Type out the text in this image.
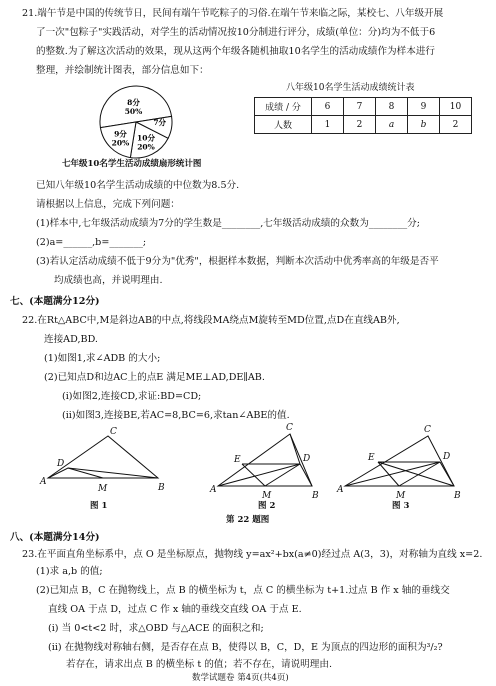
21.端午节是中国的传统节日，民间有端午节吃粽子的习俗.在端午节来临之际，某校七、八年级开展
了一次"包粽子"实践活动，对学生的活动情况按10分制进行评分，成绩(单位：分)均为不低于6
的整数.为了解这次活动的效果，现从这两个年级各随机抽取10名学生的活动成绩作为样本进行
整理，并绘制统计图表，部分信息如下：
8分
50%
7分
10分
20%
9分
20%
七年级10名学生活动成绩扇形统计图
八年级10名学生活动成绩统计表
成绩 / 分	6	7	8	9	10
人数	1	2	a	b	2
已知八年级10名学生活动成绩的中位数为8.5分.
请根据以上信息，完成下列问题：
(1)样本中,七年级活动成绩为7分的学生数是________,七年级活动成绩的众数为________分;
(2)a=______,b=_______;
(3)若认定活动成绩不低于9分为"优秀"，根据样本数据，判断本次活动中优秀率高的年级是否平
均成绩也高，并说明理由.
七、(本题满分12分)
22.在Rt△ABC中,M是斜边AB的中点,将线段MA绕点M旋转至MD位置,点D在直线AB外,
连接AD,BD.
(1)如图1,求∠ADB 的大小;
(2)已知点D和边AC上的点E 满足ME⊥AD,DE∥AB.
(i)如图2,连接CD,求证:BD=CD;
(ii)如图3,连接BE,若AC=8,BC=6,求tan∠ABE的值.
A
C
B
M
D
A
C
E	D
M	B
A
C
E	D
M	B
图 1	图 2	图 3
第 22 题图
八、(本题满分14分)
23.在平面直角坐标系中，点 O 是坐标原点，抛物线 y=ax²+bx(a≠0)经过点 A(3，3)，对称轴为直线 x=2.
(1)求 a,b 的值;
(2)已知点 B，C 在抛物线上，点 B 的横坐标为 t，点 C 的横坐标为 t+1.过点 B 作 x 轴的垂线交
直线 OA 于点 D，过点 C 作 x 轴的垂线交直线 OA 于点 E.
(ⅰ) 当 0<t<2 时，求△OBD 与△ACE 的面积之和;
(ⅱ) 在抛物线对称轴右侧，是否存在点 B，使得以 B，C，D，E 为顶点的四边形的面积为³/₂?
若存在，请求出点 B 的横坐标 t 的值；若不存在，请说明理由.
数学试题卷 第4页(共4页)
